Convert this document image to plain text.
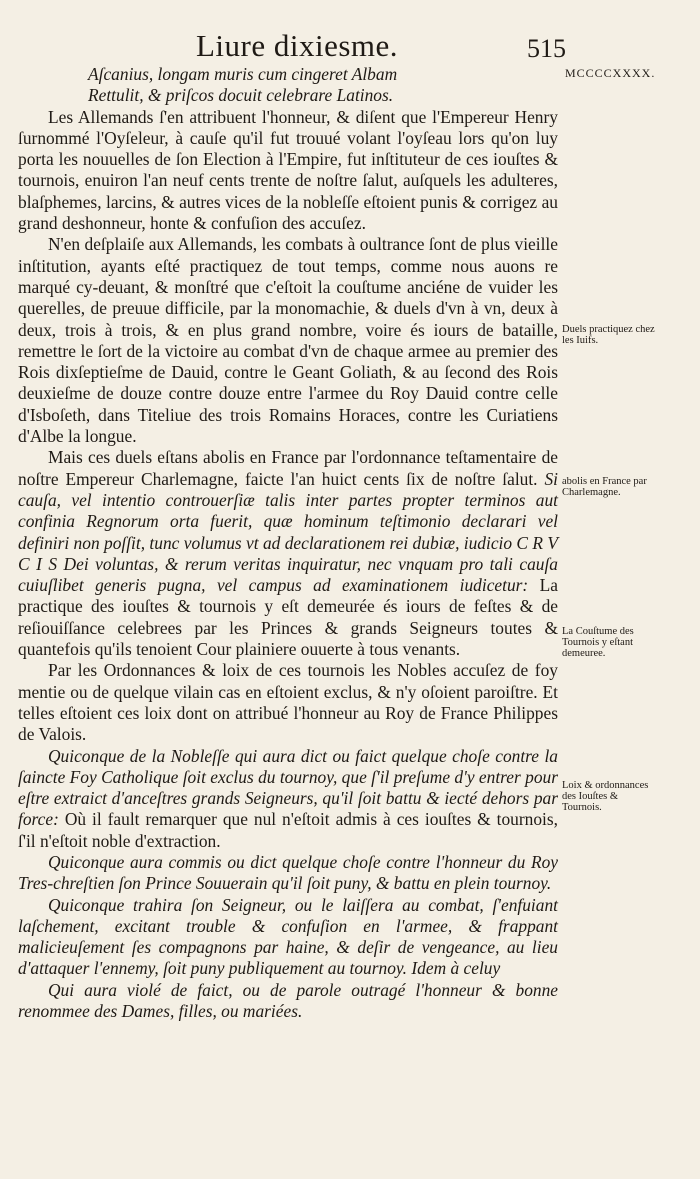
Liure dixiesme.	515
MCCCCXXXX.

Aſcanius, longam muris cum cingeret Albam

Rettulit, & priſcos docuit celebrare Latinos.

Les Allemands ſ'en attribuent l'honneur, & diſent que l'Empereur Henry ſurnommé l'Oyſeleur, à cauſe qu'il fut trouué volant l'oyſeau lors qu'on luy porta les nouuelles de ſon Election à l'Empire, fut inſtituteur de ces iouſtes & tournois, enuiron l'an neuf cents trente de noſtre ſalut, auſquels les adulteres, blaſphemes, larcins, & autres vices de la nobleſſe eſtoient punis & corrigez au grand deshonneur, honte & confuſion des accuſez.

N'en deſplaiſe aux Allemands, les combats à oultrance ſont de plus vieille inſtitution, ayants eſté practiquez de tout temps, comme nous auons re marqué cy-deuant, & monſtré que c'eſtoit la couſtume anciéne de vuider les querelles, de preuue difficile, par la monomachie, & duels d'vn à vn, deux à deux, trois à trois, & en plus grand nombre, voire és iours de bataille, remettre le ſort de la victoire au combat d'vn de chaque armee au premier des Rois dixſeptieſme de Dauid, contre le Geant Goliath, & au ſecond des Rois deuxieſme de douze contre douze entre l'armee du Roy Dauid contre celle d'Isboſeth, dans Titeliue des trois Romains Horaces, contre les Curiatiens d'Albe la longue.

Mais ces duels eſtans abolis en France par l'ordonnance teſtamentaire de noſtre Empereur Charlemagne, faicte l'an huict cents ſix de noſtre ſalut. Si cauſa, vel intentio controuerſiæ talis inter partes propter terminos aut confinia Regnorum orta fuerit, quæ hominum teſtimonio declarari vel definiri non poſſit, tunc volumus vt ad declarationem rei dubiæ, iudicio C R V C I S Dei voluntas, & rerum veritas inquiratur, nec vnquam pro tali cauſa cuiuſlibet generis pugna, vel campus ad examinationem iudicetur: La practique des iouſtes & tournois y eſt demeurée és iours de feſtes & de reſiouiſſance celebrees par les Princes & grands Seigneurs toutes & quantefois qu'ils tenoient Cour plainiere ouuerte à tous venants.

Par les Ordonnances & loix de ces tournois les Nobles accuſez de foy mentie ou de quelque vilain cas en eſtoient exclus, & n'y oſoient paroiſtre. Et telles eſtoient ces loix dont on attribué l'honneur au Roy de France Philippes de Valois.

Quiconque de la Nobleſſe qui aura dict ou faict quelque choſe contre la ſaincte Foy Catholique ſoit exclus du tournoy, que ſ'il preſume d'y entrer pour eſtre extraict d'anceſtres grands Seigneurs, qu'il ſoit battu & iecté dehors par force: Où il fault remarquer que nul n'eſtoit admis à ces iouſtes & tournois, ſ'il n'eſtoit noble d'extraction.

Quiconque aura commis ou dict quelque choſe contre l'honneur du Roy Tres-chreſtien ſon Prince Souuerain qu'il ſoit puny, & battu en plein tournoy.

Quiconque trahira ſon Seigneur, ou le laiſſera au combat, ſ'enfuiant laſchement, excitant trouble & confuſion en l'armee, & frappant malicieuſement ſes compagnons par haine, & deſir de vengeance, au lieu d'attaquer l'ennemy, ſoit puny publiquement au tournoy. Idem à celuy

Qui aura violé de faict, ou de parole outragé l'honneur & bonne renommee des Dames, filles, ou mariées.

Duels practiquez chez les Iuifs.
abolis en France par Charlemagne.
La Couſtume des Tournois y eſtant demeuree.
Loix & ordonnances des Iouſtes & Tournois.
